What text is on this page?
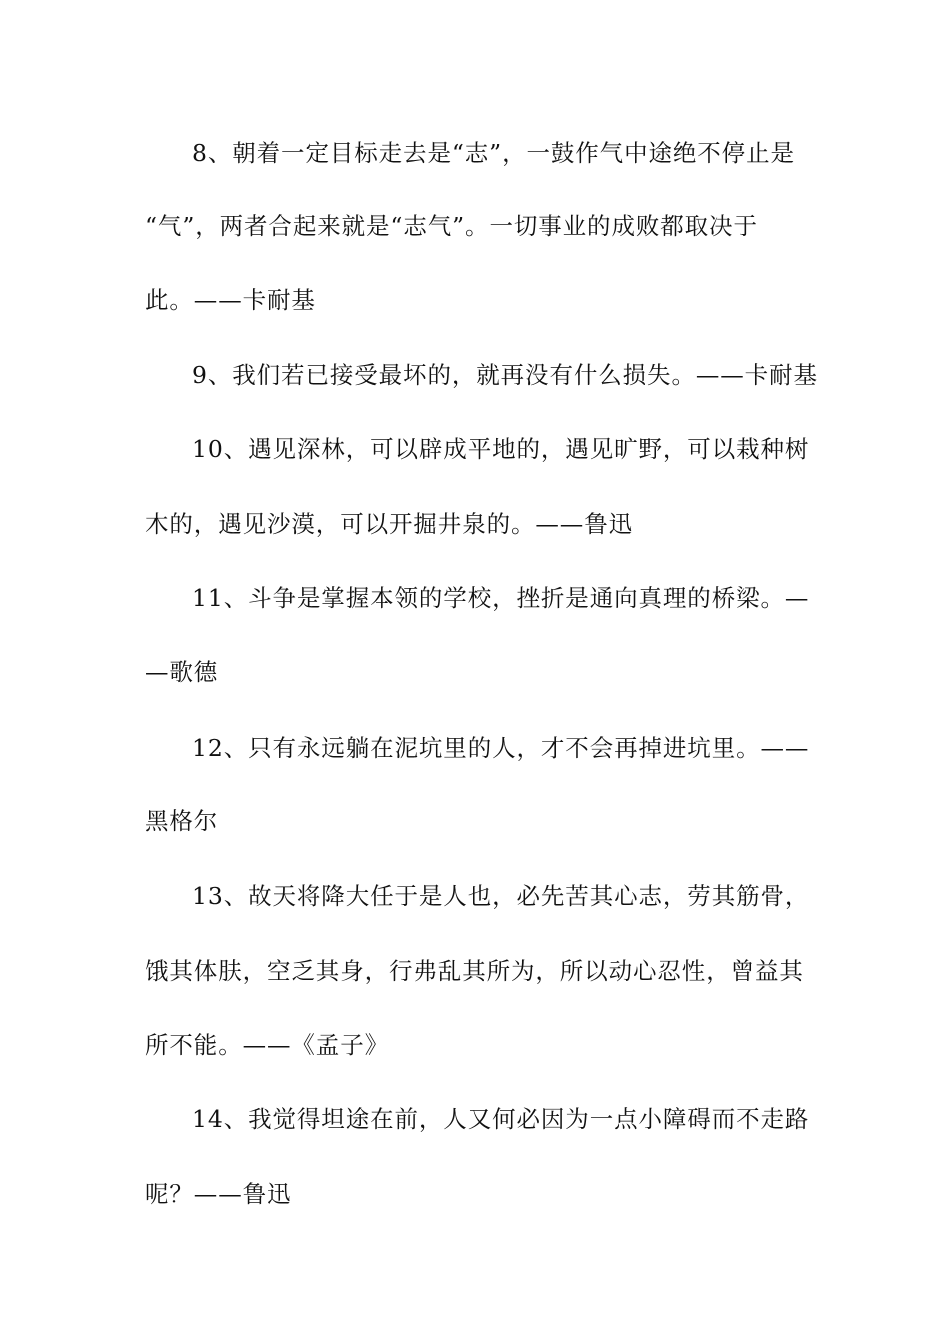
8、朝着一定目标走去是“志”，一鼓作气中途绝不停止是
“气”，两者合起来就是“志气”。一切事业的成败都取决于
此。——卡耐基
9、我们若已接受最坏的，就再没有什么损失。——卡耐基
10、遇见深林，可以辟成平地的，遇见旷野，可以栽种树
木的，遇见沙漠，可以开掘井泉的。——鲁迅
11、斗争是掌握本领的学校，挫折是通向真理的桥梁。—
—歌德
12、只有永远躺在泥坑里的人，才不会再掉进坑里。——
黑格尔
13、故天将降大任于是人也，必先苦其心志，劳其筋骨，
饿其体肤，空乏其身，行弗乱其所为，所以动心忍性，曾益其
所不能。——《孟子》
14、我觉得坦途在前，人又何必因为一点小障碍而不走路
呢？——鲁迅
